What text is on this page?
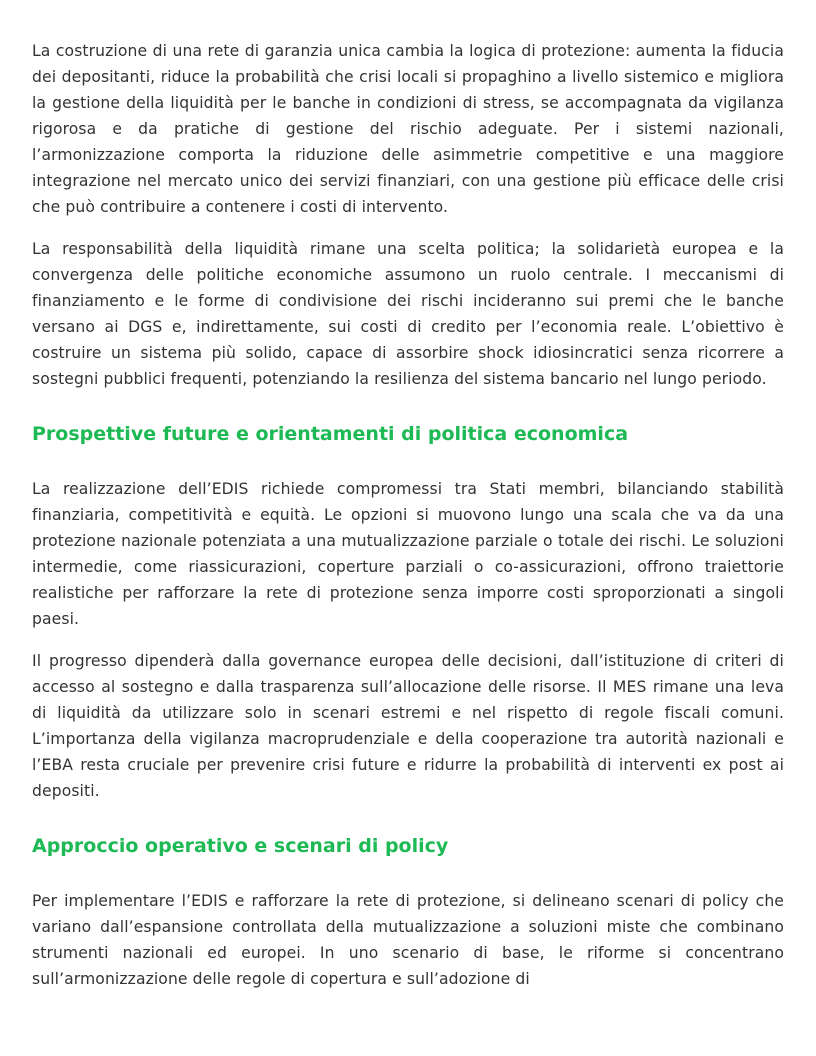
La costruzione di una rete di garanzia unica cambia la logica di protezione: aumenta la fiducia dei depositanti, riduce la probabilità che crisi locali si propaghino a livello sistemico e migliora la gestione della liquidità per le banche in condizioni di stress, se accompagnata da vigilanza rigorosa e da pratiche di gestione del rischio adeguate. Per i sistemi nazionali, l’armonizzazione comporta la riduzione delle asimmetrie competitive e una maggiore integrazione nel mercato unico dei servizi finanziari, con una gestione più efficace delle crisi che può contribuire a contenere i costi di intervento.

La responsabilità della liquidità rimane una scelta politica; la solidarietà europea e la convergenza delle politiche economiche assumono un ruolo centrale. I meccanismi di finanziamento e le forme di condivisione dei rischi incideranno sui premi che le banche versano ai DGS e, indirettamente, sui costi di credito per l’economia reale. L’obiettivo è costruire un sistema più solido, capace di assorbire shock idiosincratici senza ricorrere a sostegni pubblici frequenti, potenziando la resilienza del sistema bancario nel lungo periodo.

Prospettive future e orientamenti di politica economica

La realizzazione dell’EDIS richiede compromessi tra Stati membri, bilanciando stabilità finanziaria, competitività e equità. Le opzioni si muovono lungo una scala che va da una protezione nazionale potenziata a una mutualizzazione parziale o totale dei rischi. Le soluzioni intermedie, come riassicurazioni, coperture parziali o co-assicurazioni, offrono traiettorie realistiche per rafforzare la rete di protezione senza imporre costi sproporzionati a singoli paesi.

Il progresso dipenderà dalla governance europea delle decisioni, dall’istituzione di criteri di accesso al sostegno e dalla trasparenza sull’allocazione delle risorse. Il MES rimane una leva di liquidità da utilizzare solo in scenari estremi e nel rispetto di regole fiscali comuni. L’importanza della vigilanza macroprudenziale e della cooperazione tra autorità nazionali e l’EBA resta cruciale per prevenire crisi future e ridurre la probabilità di interventi ex post ai depositi.

Approccio operativo e scenari di policy

Per implementare l’EDIS e rafforzare la rete di protezione, si delineano scenari di policy che variano dall’espansione controllata della mutualizzazione a soluzioni miste che combinano strumenti nazionali ed europei. In uno scenario di base, le riforme si concentrano sull’armonizzazione delle regole di copertura e sull’adozione di
